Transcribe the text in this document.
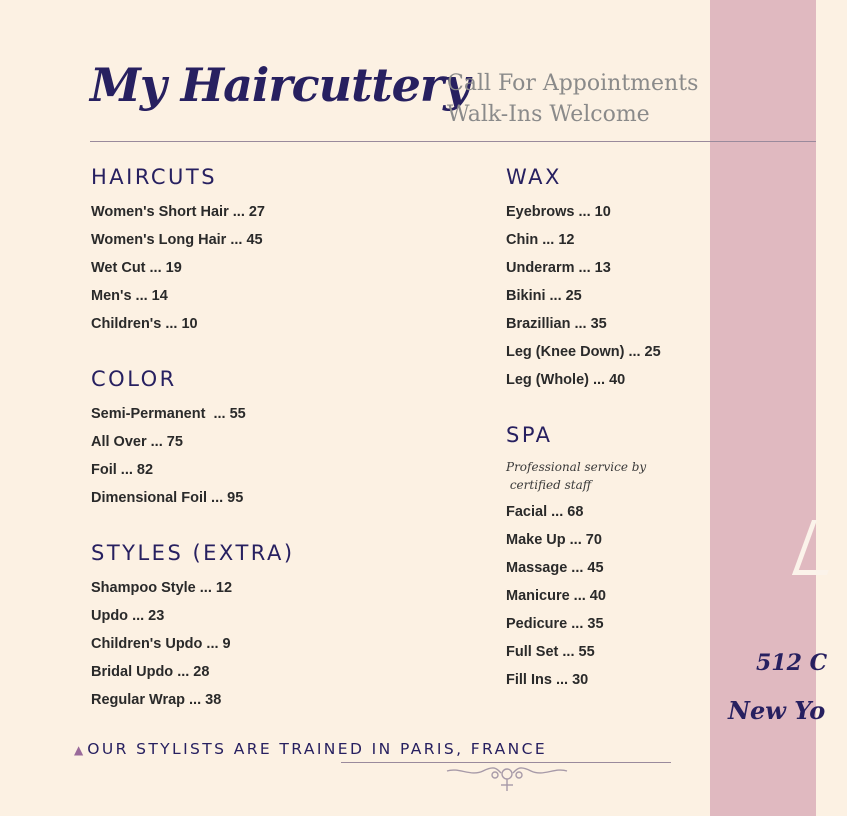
512 C
New Yo
My Haircuttery
Call For Appointments
Walk-Ins Welcome
HAIRCUTS
Women's Short Hair ... 27
Women's Long Hair ... 45
Wet Cut ... 19
Men's ... 14
Children's ... 10
COLOR
Semi-Permanent  ... 55
All Over ... 75
Foil ... 82
Dimensional Foil ... 95
STYLES (EXTRA)
Shampoo Style ... 12
Updo ... 23
Children's Updo ... 9
Bridal Updo ... 28
Regular Wrap ... 38
WAX
Eyebrows ... 10
Chin ... 12
Underarm ... 13
Bikini ... 25
Brazillian ... 35
Leg (Knee Down) ... 25
Leg (Whole) ... 40
SPA
Professional service by
certified staff
Facial ... 68
Make Up ... 70
Massage ... 45
Manicure ... 40
Pedicure ... 35
Full Set ... 55
Fill Ins ... 30
▲ OUR STYLISTS ARE TRAINED IN PARIS, FRANCE
